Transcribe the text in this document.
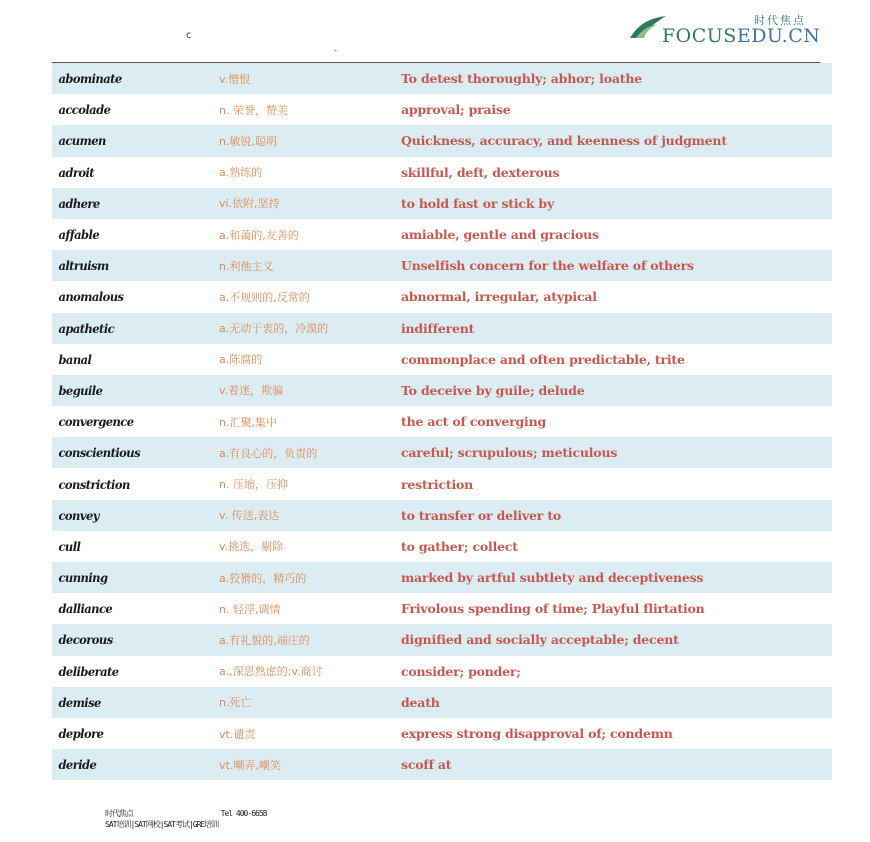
c
-
时代焦点
FOCUSEDU.CN
abominate	v.憎恨	To detest thoroughly; abhor; loathe
accolade	n. 荣誉，赞美	approval; praise
acumen	n.敏锐,聪明	Quickness, accuracy, and keenness of judgment
adroit	a.熟练的	skillful, deft, dexterous
adhere	vi.依附,坚持	to hold fast or stick by
affable	a.和蔼的,友善的	amiable, gentle and gracious
altruism	n.利他主义	Unselfish concern for the welfare of others
anomalous	a.不规则的,反常的	abnormal, irregular, atypical
apathetic	a.无动于衷的，冷漠的	indifferent
banal	a.陈腐的	commonplace and often predictable, trite
beguile	v.着迷，欺骗	To deceive by guile; delude
convergence	n.汇聚,集中	the act of converging
conscientious	a.有良心的，负责的	careful; scrupulous; meticulous
constriction	n. 压缩，压抑	restriction
convey	v. 传送,表达	to transfer or deliver to
cull	v.挑选，剔除	to gather; collect
cunning	a.狡猾的，精巧的	marked by artful subtlety and deceptiveness
dalliance	n. 轻浮,调情	Frivolous spending of time; Playful flirtation
decorous	a.有礼貌的,端庄的	dignified and socially acceptable; decent
deliberate	a.,深思熟虑的;v.商讨	consider; ponder;
demise	n.死亡	death
deplore	vt.谴责	express strong disapproval of; condemn
deride	vt.嘲弄,嘲笑	scoff at
时代焦点	Tel 400-6658
SAT培训|SAT网校|SAT考试|GRE培训
